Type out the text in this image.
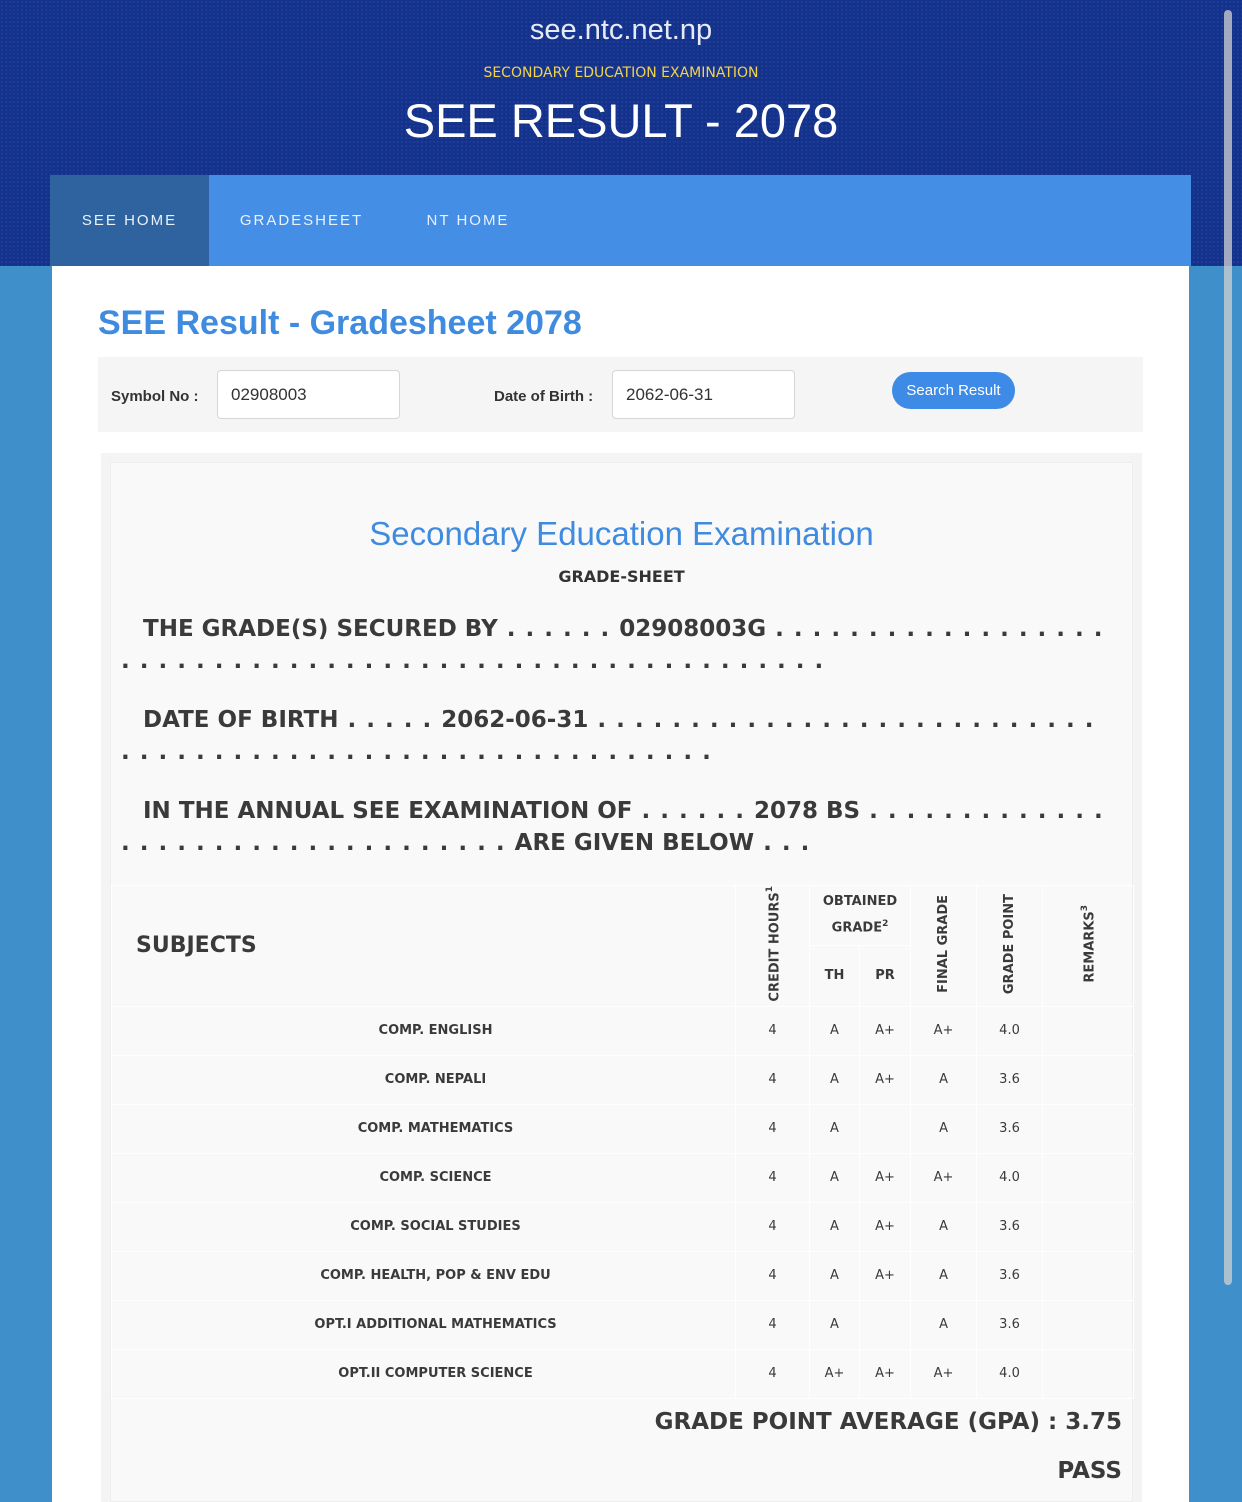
see.ntc.net.np
SECONDARY EDUCATION EXAMINATION
SEE RESULT - 2078
SEE HOME	GRADESHEET	NT HOME
SEE Result - Gradesheet 2078
Symbol No :	02908003	Date of Birth :	2062-06-31	Search Result
Secondary Education Examination
GRADE-SHEET
THE GRADE(S) SECURED BY . . . . . . 02908003G . . . . . . . . . . . . . . . . . . . . . . . . . . . . . . . . . . . . . . . . . . . . . . . . . . . . . . . .
DATE OF BIRTH . . . . . 2062-06-31 . . . . . . . . . . . . . . . . . . . . . . . . . . . . . . . . . . . . . . . . . . . . . . . . . . . . . . . . . . .
IN THE ANNUAL SEE EXAMINATION OF . . . . . . 2078 BS . . . . . . . . . . . . . . . . . . . . . . . . . . . . . . . . . . ARE GIVEN BELOW . . .
SUBJECTS	CREDIT HOURS$^1$	OBTAINED GRADE$^2$		FINAL GRADE	GRADE POINT	REMARKS$^3$
		TH	PR			
COMP. ENGLISH	4	A	A+	A+	4.0	
COMP. NEPALI	4	A	A+	A	3.6	
COMP. MATHEMATICS	4	A		A	3.6	
COMP. SCIENCE	4	A	A+	A+	4.0	
COMP. SOCIAL STUDIES	4	A	A+	A	3.6	
COMP. HEALTH, POP & ENV EDU	4	A	A+	A	3.6	
OPT.I ADDITIONAL MATHEMATICS	4	A		A	3.6	
OPT.II COMPUTER SCIENCE	4	A+	A+	A+	4.0	
GRADE POINT AVERAGE (GPA) : 3.75
PASS
